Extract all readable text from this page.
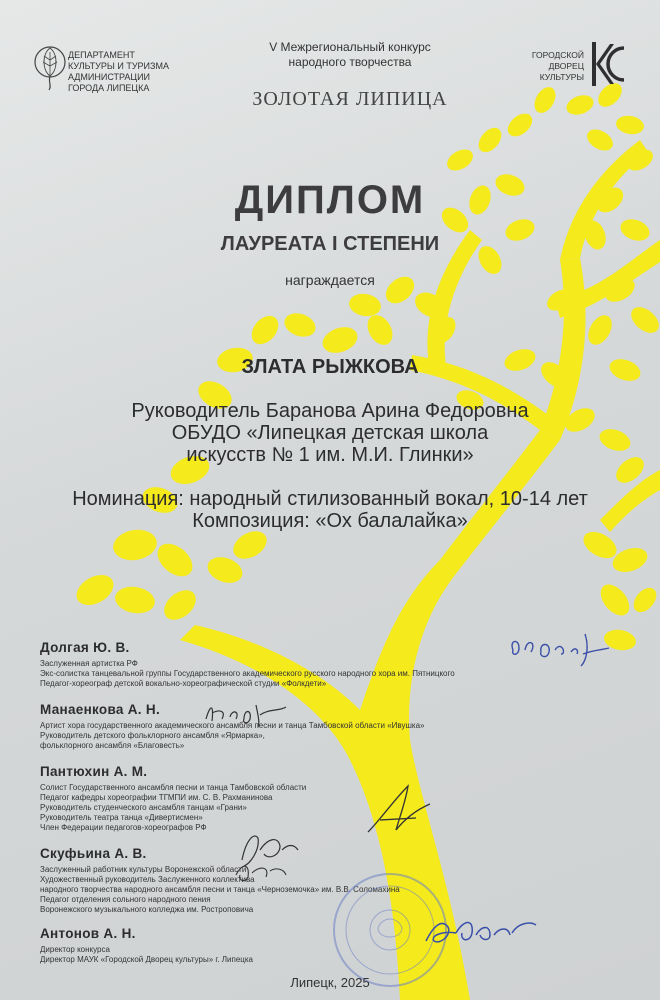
ДЕПАРТАМЕНТ
КУЛЬТУРЫ И ТУРИЗМА
АДМИНИСТРАЦИИ
ГОРОДА ЛИПЕЦКА
V Межрегиональный конкурс
народного творчества
ЗОЛОТАЯ ЛИПИЦА
ГОРОДСКОЙ
ДВОРЕЦ
КУЛЬТУРЫ
ДИПЛОМ
ЛАУРЕАТА I СТЕПЕНИ
награждается
ЗЛАТА РЫЖКОВА
Руководитель Баранова Арина Федоровна
ОБУДО «Липецкая детская школа
искусств № 1 им. М.И. Глинки»
Номинация: народный стилизованный вокал, 10-14 лет
Композиция: «Ох балалайка»
Долгая Ю. В.
Заслуженная артистка РФ
Экс-солистка танцевальной группы Государственного академического русского народного хора им. Пятницкого
Педагог-хореограф детской вокально-хореографической студии «Фолкдети»
Манаенкова А. Н.
Артист хора государственного академического ансамбля песни и танца Тамбовской области «Ивушка»
Руководитель детского фольклорного ансамбля «Ярмарка»,
фольклорного ансамбля «Благовесть»
Пантюхин А. М.
Солист Государственного ансамбля песни и танца Тамбовской области
Педагог кафедры хореографии ТГМПИ им. С. В. Рахманинова
Руководитель студенческого ансамбля танцам «Грани»
Руководитель театра танца «Дивертисмен»
Член Федерации педагогов-хореографов РФ
Скуфьина А. В.
Заслуженный работник культуры Воронежской области
Художественный руководитель Заслуженного коллектива
народного творчества народного ансамбля песни и танца «Черноземочка» им. В.В. Соломахина
Педагог отделения сольного народного пения
Воронежского музыкального колледжа им. Ростроповича
Антонов А. Н.
Директор конкурса
Директор МАУК «Городской Дворец культуры» г. Липецка
Липецк, 2025
